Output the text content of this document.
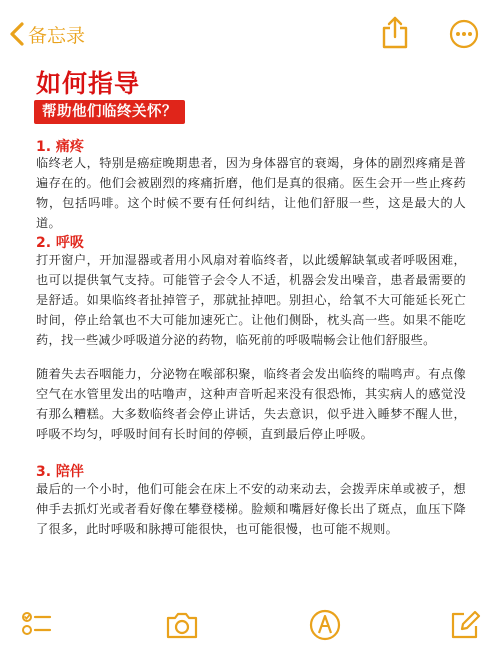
备忘录
如何指导
帮助他们临终关怀？
1. 痛疼
临终老人，特别是癌症晚期患者，因为身体器官的衰竭，身体的剧烈疼痛是普遍存在的。他们会被剧烈的疼痛折磨，他们是真的很痛。医生会开一些止疼药物，包括吗啡。这个时候不要有任何纠结，让他们舒服一些，这是最大的人道。
2. 呼吸
打开窗户，开加湿器或者用小风扇对着临终者，以此缓解缺氧或者呼吸困难，也可以提供氧气支持。可能管子会令人不适，机器会发出噪音，患者最需要的是舒适。如果临终者扯掉管子，那就扯掉吧。别担心，给氧不大可能延长死亡时间，停止给氧也不大可能加速死亡。让他们侧卧，枕头高一些。如果不能吃药，找一些减少呼吸道分泌的药物，临死前的呼吸喘畅会让他们舒服些。
随着失去吞咽能力，分泌物在喉部积聚，临终者会发出临终的喘鸣声。有点像空气在水管里发出的咕噜声，这种声音听起来没有很恐怖，其实病人的感觉没有那么糟糕。大多数临终者会停止讲话，失去意识，似乎进入睡梦不醒人世，呼吸不均匀，呼吸时间有长时间的停顿，直到最后停止呼吸。
3. 陪伴
最后的一个小时，他们可能会在床上不安的动来动去，会拨弄床单或被子，想伸手去抓灯光或者看好像在攀登楼梯。脸颊和嘴唇好像长出了斑点，血压下降了很多，此时呼吸和脉搏可能很快，也可能很慢，也可能不规则。
